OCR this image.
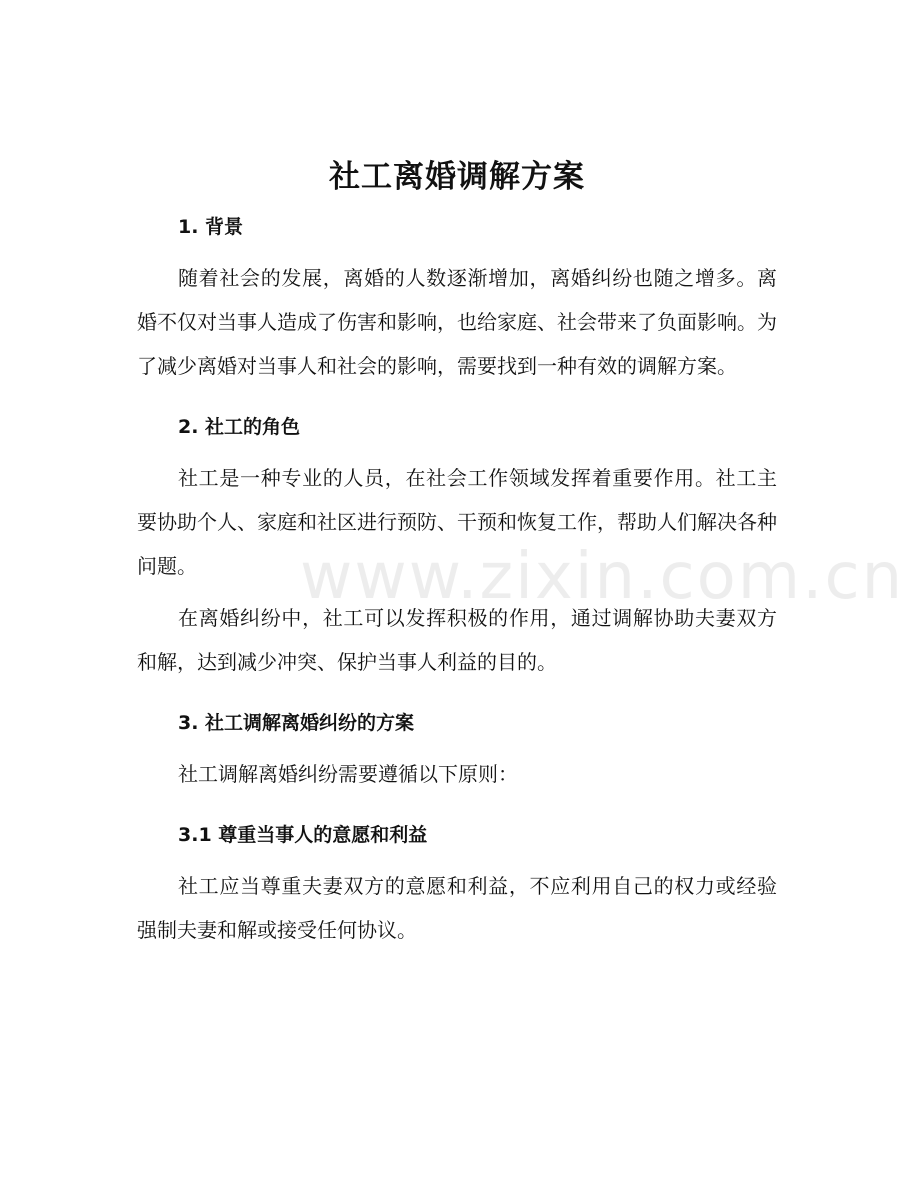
www.zixin.com.cn
社工离婚调解方案
1. 背景

随着社会的发展，离婚的人数逐渐增加，离婚纠纷也随之增多。离婚不仅对当事人造成了伤害和影响，也给家庭、社会带来了负面影响。为了减少离婚对当事人和社会的影响，需要找到一种有效的调解方案。

2. 社工的角色

社工是一种专业的人员，在社会工作领域发挥着重要作用。社工主要协助个人、家庭和社区进行预防、干预和恢复工作，帮助人们解决各种问题。

在离婚纠纷中，社工可以发挥积极的作用，通过调解协助夫妻双方和解，达到减少冲突、保护当事人利益的目的。

3. 社工调解离婚纠纷的方案

社工调解离婚纠纷需要遵循以下原则：

3.1 尊重当事人的意愿和利益

社工应当尊重夫妻双方的意愿和利益，不应利用自己的权力或经验强制夫妻和解或接受任何协议。
